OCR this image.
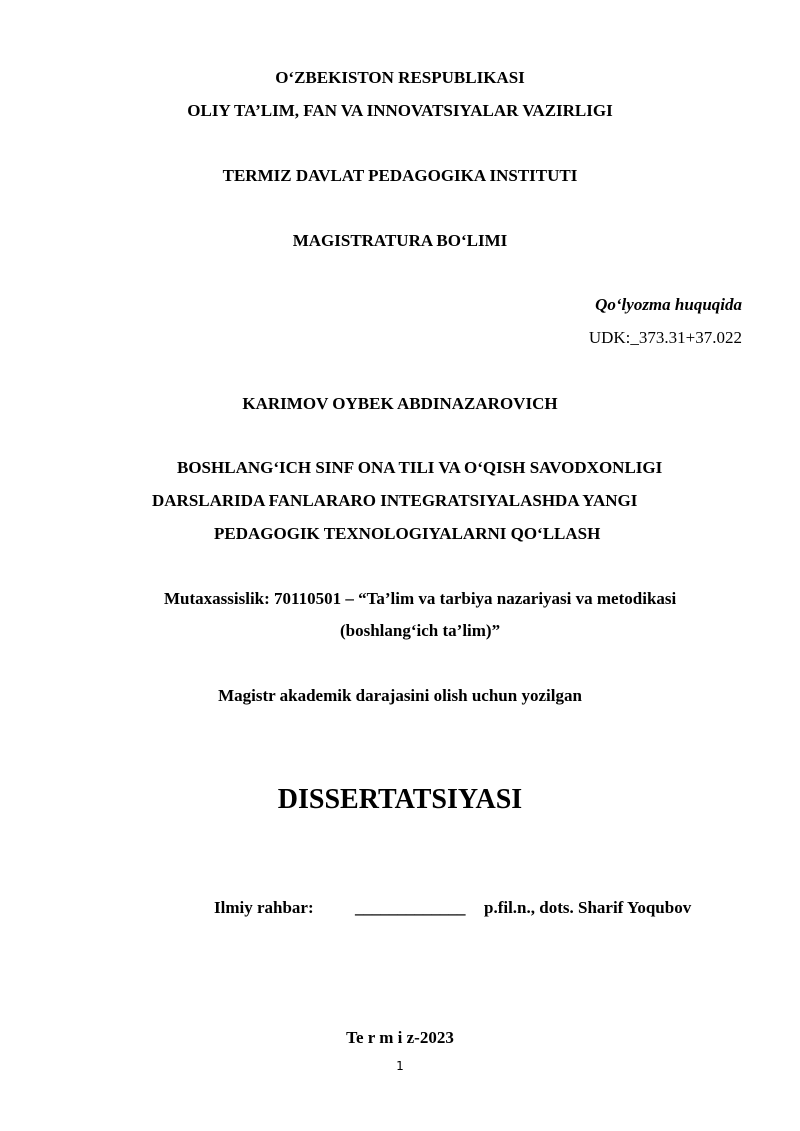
O‘ZBEKISTON RESPUBLIKASI
OLIY TA’LIM, FAN VA INNOVATSIYALAR VAZIRLIGI
TERMIZ DAVLAT PEDAGOGIKA INSTITUTI
MAGISTRATURA BO‘LIMI
Qo‘lyozma huquqida
UDK:_373.31+37.022
KARIMOV OYBEK ABDINAZAROVICH
BOSHLANG‘ICH SINF ONA TILI VA O‘QISH SAVODXONLIGI
DARSLARIDA FANLARARO INTEGRATSIYALASHDA YANGI
PEDAGOGIK TEXNOLOGIYALARNI QO‘LLASH
Mutaxassislik: 70110501 – “Ta’lim va tarbiya nazariyasi va metodikasi
(boshlang‘ich ta’lim)”
Magistr akademik darajasini olish uchun yozilgan
DISSERTATSIYASI
Ilmiy rahbar: _____________ p.fil.n., dots. Sharif Yoqubov
Te r m i z-2023
1
